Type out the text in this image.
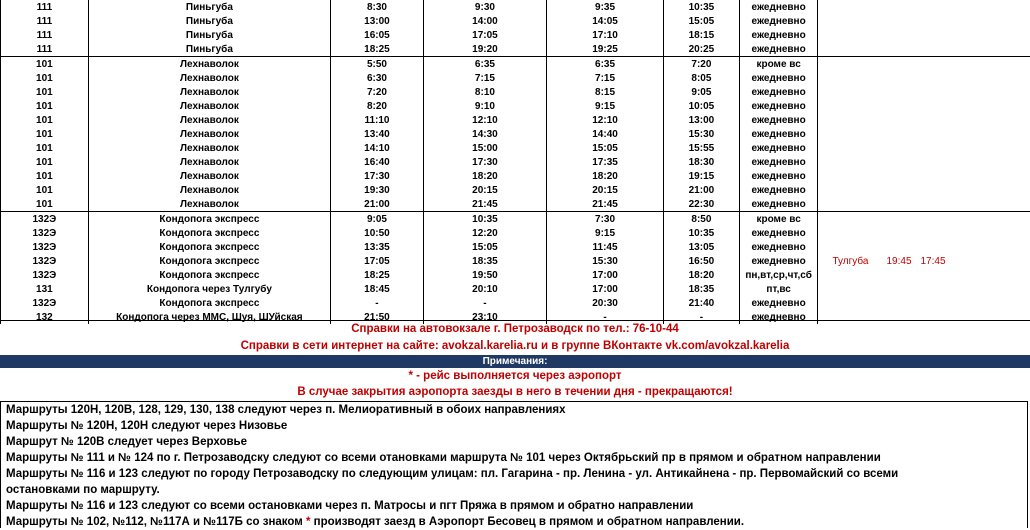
111	Пиньгуба	8:30	9:30	9:35	10:35	ежедневно	
111	Пиньгуба	13:00	14:00	14:05	15:05	ежедневно	
111	Пиньгуба	16:05	17:05	17:10	18:15	ежедневно	
111	Пиньгуба	18:25	19:20	19:25	20:25	ежедневно	
101	Лехнаволок	5:50	6:35	6:35	7:20	кроме вс	
101	Лехнаволок	6:30	7:15	7:15	8:05	ежедневно	
101	Лехнаволок	7:20	8:10	8:15	9:05	ежедневно	
101	Лехнаволок	8:20	9:10	9:15	10:05	ежедневно	
101	Лехнаволок	11:10	12:10	12:10	13:00	ежедневно	
101	Лехнаволок	13:40	14:30	14:40	15:30	ежедневно	
101	Лехнаволок	14:10	15:00	15:05	15:55	ежедневно	
101	Лехнаволок	16:40	17:30	17:35	18:30	ежедневно	
101	Лехнаволок	17:30	18:20	18:20	19:15	ежедневно	
101	Лехнаволок	19:30	20:15	20:15	21:00	ежедневно	
101	Лехнаволок	21:00	21:45	21:45	22:30	ежедневно	
132Э	Кондопога экспресс	9:05	10:35	7:30	8:50	кроме вс	
132Э	Кондопога экспресс	10:50	12:20	9:15	10:35	ежедневно	
132Э	Кондопога экспресс	13:35	15:05	11:45	13:05	ежедневно	
132Э	Кондопога экспресс	17:05	18:35	15:30	16:50	ежедневно	Тулгуба 19:45 17:45
132Э	Кондопога экспресс	18:25	19:50	17:00	18:20	пн,вт,ср,чт,сб	
131	Кондопога через Тулгубу	18:45	20:10	17:00	18:35	пт,вс	
132Э	Кондопога экспресс	-	-	20:30	21:40	ежедневно	
132	Кондопога через ММС, Шуя, ШУйская	21:50	23:10	-	-	ежедневно	
Справки на автовокзале г. Петрозаводск по тел.: 76-10-44
Справки в сети интернет на сайте: avokzal.karelia.ru и в группе ВКонтакте vk.com/avokzal.karelia
Примечания:
* - рейс выполняется через аэропорт
В случае закрытия аэропорта заезды в него в течении дня - прекращаются!
Маршруты 120Н, 120В, 128, 129, 130, 138 следуют через п. Мелиоративный в обоих направлениях
Маршруты № 120Н, 120Н следуют через Низовье
Маршрут № 120В следует через Верховье
Маршруты № 111 и № 124 по г. Петрозаводску следуют со всеми отановками маршрута № 101 через Октябрьский пр в прямом и обратном направлении
Маршруты № 116 и 123 следуют по городу Петрозаводску по следующим улицам: пл. Гагарина - пр. Ленина - ул. Антикайнена - пр. Первомайский со всеми
остановками по маршруту.
Маршруты № 116 и 123 следуют со всеми остановками через п. Матросы и пгт Пряжа в прямом и обратно направлении
Маршруты № 102, №112, №117А и №117Б со знаком * производят заезд в Аэропорт Бесовец в прямом и обратном направлении.
